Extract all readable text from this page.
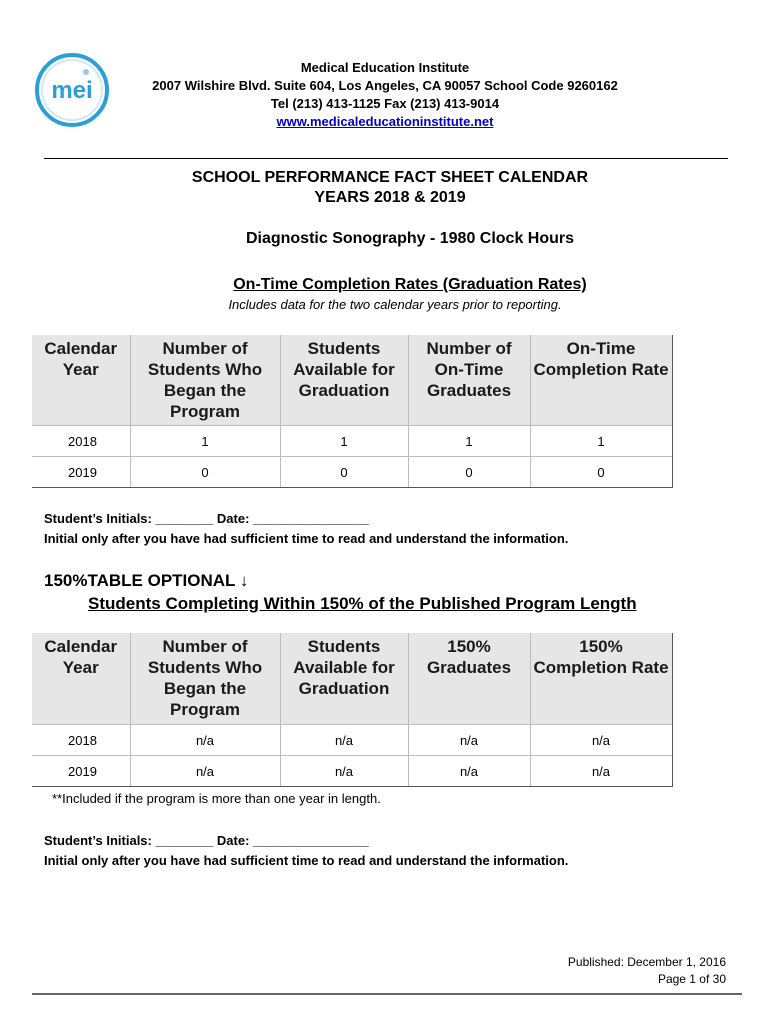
mei
Medical Education Institute
2007 Wilshire Blvd. Suite 604, Los Angeles, CA 90057 School Code 9260162
Tel (213) 413-1125 Fax (213) 413-9014
www.medicaleducationinstitute.net
SCHOOL PERFORMANCE FACT SHEET CALENDAR
YEARS 2018 & 2019
Diagnostic Sonography - 1980 Clock Hours
On-Time Completion Rates (Graduation Rates)
Includes data for the two calendar years prior to reporting.
Calendar Year	Number of Students Who Began the Program	Students Available for Graduation	Number of On-Time Graduates	On-Time Completion Rate

2018	1	1	1	1

2019	0	0	0	0
Student’s Initials: ________ Date: ________________
Initial only after you have had sufficient time to read and understand the information.
150%TABLE OPTIONAL ↓
Students Completing Within 150% of the Published Program Length
Calendar Year	Number of Students Who Began the Program	Students Available for Graduation	150% Graduates	150% Completion Rate

2018	n/a	n/a	n/a	n/a

2019	n/a	n/a	n/a	n/a
**Included if the program is more than one year in length.
Student’s Initials: ________ Date: ________________
Initial only after you have had sufficient time to read and understand the information.
Published: December 1, 2016
Page 1 of 30
